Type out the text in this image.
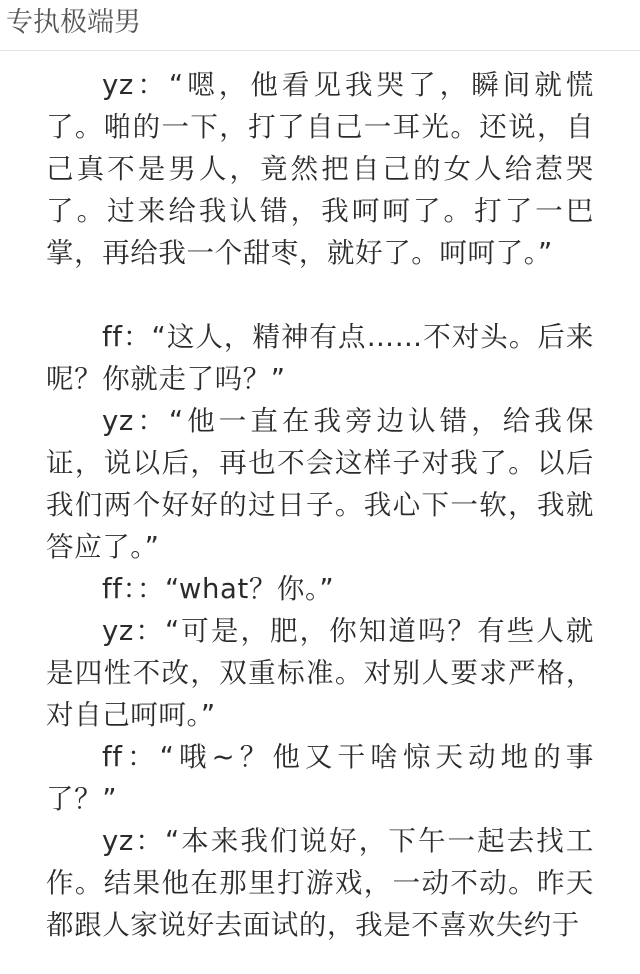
专执极端男

yz：“嗯，他看见我哭了，瞬间就慌了。啪的一下，打了自己一耳光。还说，自己真不是男人，竟然把自己的女人给惹哭了。过来给我认错，我呵呵了。打了一巴掌，再给我一个甜枣，就好了。呵呵了。”

ff：“这人，精神有点……不对头。后来呢？你就走了吗？”

yz：“他一直在我旁边认错，给我保证，说以后，再也不会这样子对我了。以后我们两个好好的过日子。我心下一软，我就答应了。”

ff：：“what？你。”

yz：“可是，肥，你知道吗？有些人就是四性不改，双重标准。对别人要求严格，对自己呵呵。”

ff：“哦~？他又干啥惊天动地的事了？”

yz：“本来我们说好，下午一起去找工作。结果他在那里打游戏，一动不动。昨天都跟人家说好去面试的，我是不喜欢失约于
